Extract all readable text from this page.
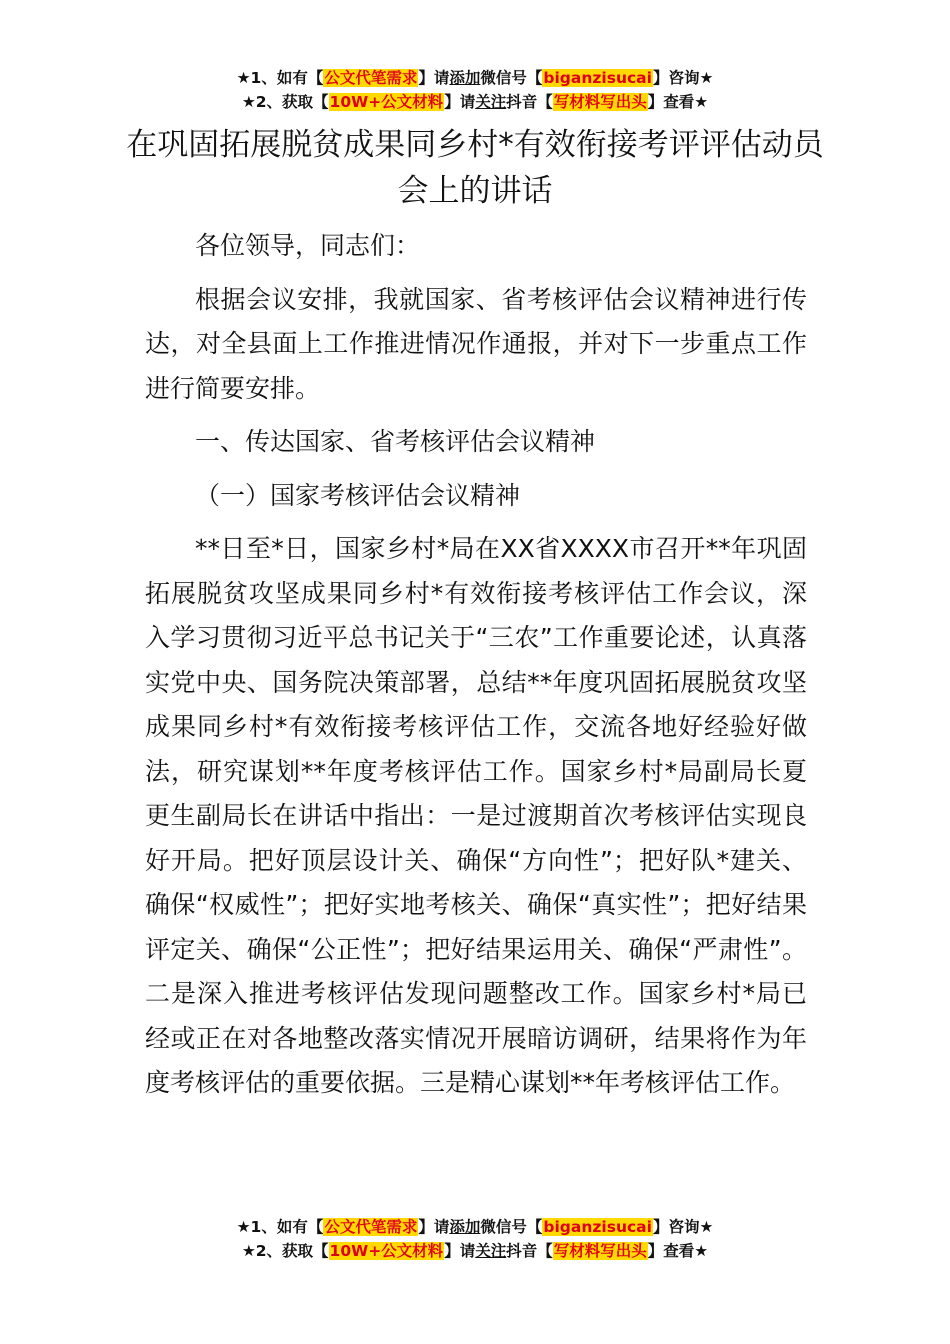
★1、如有【公文代笔需求】请添加微信号【biganzisucai】咨询★
★2、获取【10W+公文材料】请关注抖音【写材料写出头】查看★
在巩固拓展脱贫成果同乡村*有效衔接考评评估动员会上的讲话

各位领导，同志们：

根据会议安排，我就国家、省考核评估会议精神进行传达，对全县面上工作推进情况作通报，并对下一步重点工作进行简要安排。

一、传达国家、省考核评估会议精神

（一）国家考核评估会议精神

**日至*日，国家乡村*局在XX省XXXX市召开**年巩固拓展脱贫攻坚成果同乡村*有效衔接考核评估工作会议，深入学习贯彻习近平总书记关于“三农”工作重要论述，认真落实党中央、国务院决策部署，总结**年度巩固拓展脱贫攻坚成果同乡村*有效衔接考核评估工作，交流各地好经验好做法，研究谋划**年度考核评估工作。国家乡村*局副局长夏更生副局长在讲话中指出：一是过渡期首次考核评估实现良好开局。把好顶层设计关、确保“方向性”；把好队*建关、确保“权威性”；把好实地考核关、确保“真实性”；把好结果评定关、确保“公正性”；把好结果运用关、确保“严肃性”。二是深入推进考核评估发现问题整改工作。国家乡村*局已经或正在对各地整改落实情况开展暗访调研，结果将作为年度考核评估的重要依据。三是精心谋划**年考核评估工作。

★1、如有【公文代笔需求】请添加微信号【biganzisucai】咨询★
★2、获取【10W+公文材料】请关注抖音【写材料写出头】查看★
